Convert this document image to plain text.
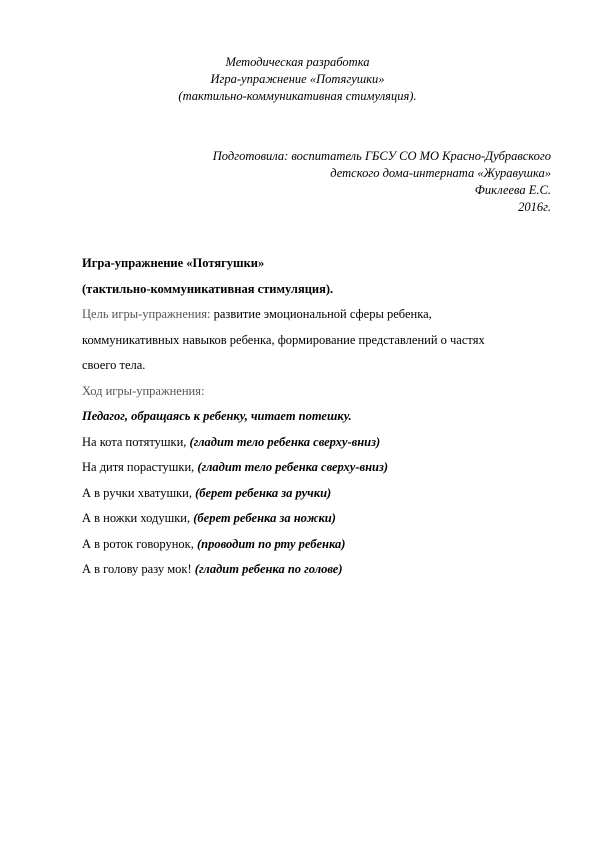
Методическая разработка
Игра-упражнение «Потягушки»
(тактильно-коммуникативная стимуляция).
Подготовила: воспитатель ГБСУ СО МО Красно-Дубравского
детского дома-интерната «Журавушка»
Фиклеева Е.С.
2016г.
Игра-упражнение «Потягушки»
(тактильно-коммуникативная стимуляция).
Цель игры-упражнения: развитие эмоциональной сферы ребенка,
коммуникативных навыков ребенка, формирование представлений о частях
своего тела.
Ход игры-упражнения:
Педагог, обращаясь к ребенку, читает потешку.
На кота потятушки, (гладит тело ребенка сверху-вниз)
На дитя порастушки, (гладит тело ребенка сверху-вниз)
А в ручки хватушки, (берет ребенка за ручки)
А в ножки ходушки, (берет ребенка за ножки)
А в роток говорунок, (проводит по рту ребенка)
А в голову разу мок! (гладит ребенка по голове)
